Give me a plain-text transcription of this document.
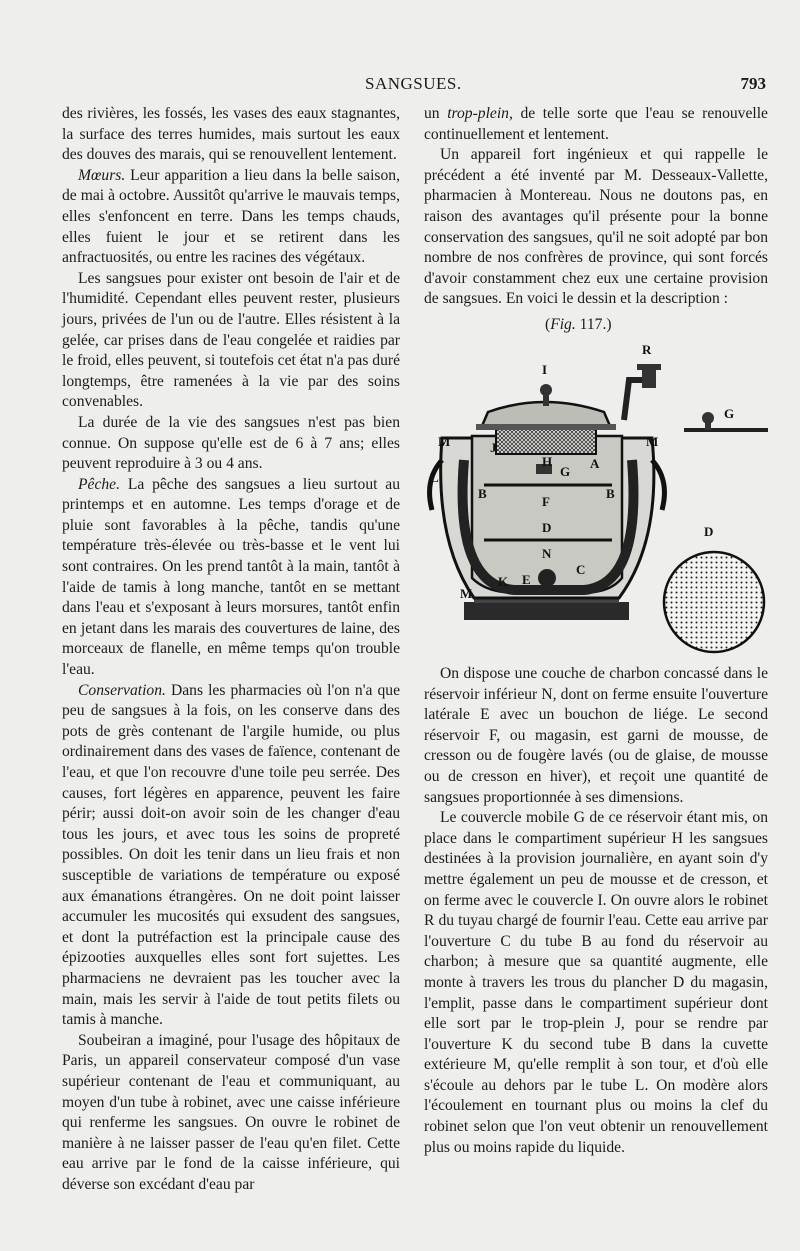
SANGSUES.	793

des rivières, les fossés, les vases des eaux stagnantes, la surface des terres humides, mais surtout les eaux des douves des marais, qui se renouvellent lentement.

Mœurs. Leur apparition a lieu dans la belle saison, de mai à octobre. Aussitôt qu'arrive le mauvais temps, elles s'enfoncent en terre. Dans les temps chauds, elles fuient le jour et se retirent dans les anfractuosités, ou entre les racines des végétaux.

Les sangsues pour exister ont besoin de l'air et de l'humidité. Cependant elles peuvent rester, plusieurs jours, privées de l'un ou de l'autre. Elles résistent à la gelée, car prises dans de l'eau congelée et raidies par le froid, elles peuvent, si toutefois cet état n'a pas duré longtemps, être ramenées à la vie par des soins convenables.

La durée de la vie des sangsues n'est pas bien connue. On suppose qu'elle est de 6 à 7 ans; elles peuvent reproduire à 3 ou 4 ans.

Pêche. La pêche des sangsues a lieu surtout au printemps et en automne. Les temps d'orage et de pluie sont favorables à la pêche, tandis qu'une température très-élevée ou très-basse et le vent lui sont contraires. On les prend tantôt à la main, tantôt à l'aide de tamis à long manche, tantôt en se mettant dans l'eau et s'exposant à leurs morsures, tantôt enfin en jetant dans les marais des couvertures de laine, des morceaux de flanelle, en même temps qu'on trouble l'eau.

Conservation. Dans les pharmacies où l'on n'a que peu de sangsues à la fois, on les conserve dans des pots de grès contenant de l'argile humide, ou plus ordinairement dans des vases de faïence, contenant de l'eau, et que l'on recouvre d'une toile peu serrée. Des causes, fort légères en apparence, peuvent les faire périr; aussi doit-on avoir soin de les changer d'eau tous les jours, et avec tous les soins de propreté possibles. On doit les tenir dans un lieu frais et non susceptible de variations de température ou exposé aux émanations étrangères. On ne doit point laisser accumuler les mucosités qui exsudent des sangsues, et dont la putréfaction est la principale cause des épizooties auxquelles elles sont fort sujettes. Les pharmaciens ne devraient pas les toucher avec la main, mais les servir à l'aide de tout petits filets ou tamis à manche.

Soubeiran a imaginé, pour l'usage des hôpitaux de Paris, un appareil conservateur composé d'un vase supérieur contenant de l'eau et communiquant, au moyen d'un tube à robinet, avec une caisse inférieure qui renferme les sangsues. On ouvre le robinet de manière à ne laisser passer de l'eau qu'en filet. Cette eau arrive par le fond de la caisse inférieure, qui déverse son excédant d'eau par

un trop-plein, de telle sorte que l'eau se renouvelle continuellement et lentement.

Un appareil fort ingénieux et qui rappelle le précédent a été inventé par M. Desseaux-Vallette, pharmacien à Montereau. Nous ne doutons pas, en raison des avantages qu'il présente pour la bonne conservation des sangsues, qu'il ne soit adopté par bon nombre de nos confrères de province, qui sont forcés d'avoir constamment chez eux une certaine provision de sangsues. En voici le dessin et la description :

(Fig. 117.)
R
I
G
M	M
L
J
H
G
A
B	B
F
D
N
C
E
K
M
D

On dispose une couche de charbon concassé dans le réservoir inférieur N, dont on ferme ensuite l'ouverture latérale E avec un bouchon de liége. Le second réservoir F, ou magasin, est garni de mousse, de cresson ou de fougère lavés (ou de glaise, de mousse ou de cresson en hiver), et reçoit une quantité de sangsues proportionnée à ses dimensions.

Le couvercle mobile G de ce réservoir étant mis, on place dans le compartiment supérieur H les sangsues destinées à la provision journalière, en ayant soin d'y mettre également un peu de mousse et de cresson, et on ferme avec le couvercle I. On ouvre alors le robinet R du tuyau chargé de fournir l'eau. Cette eau arrive par l'ouverture C du tube B au fond du réservoir au charbon; à mesure que sa quantité augmente, elle monte à travers les trous du plancher D du magasin, l'emplit, passe dans le compartiment supérieur dont elle sort par le trop-plein J, pour se rendre par l'ouverture K du second tube B dans la cuvette extérieure M, qu'elle remplit à son tour, et d'où elle s'écoule au dehors par le tube L. On modère alors l'écoulement en tournant plus ou moins la clef du robinet selon que l'on veut obtenir un renouvellement plus ou moins rapide du liquide.
